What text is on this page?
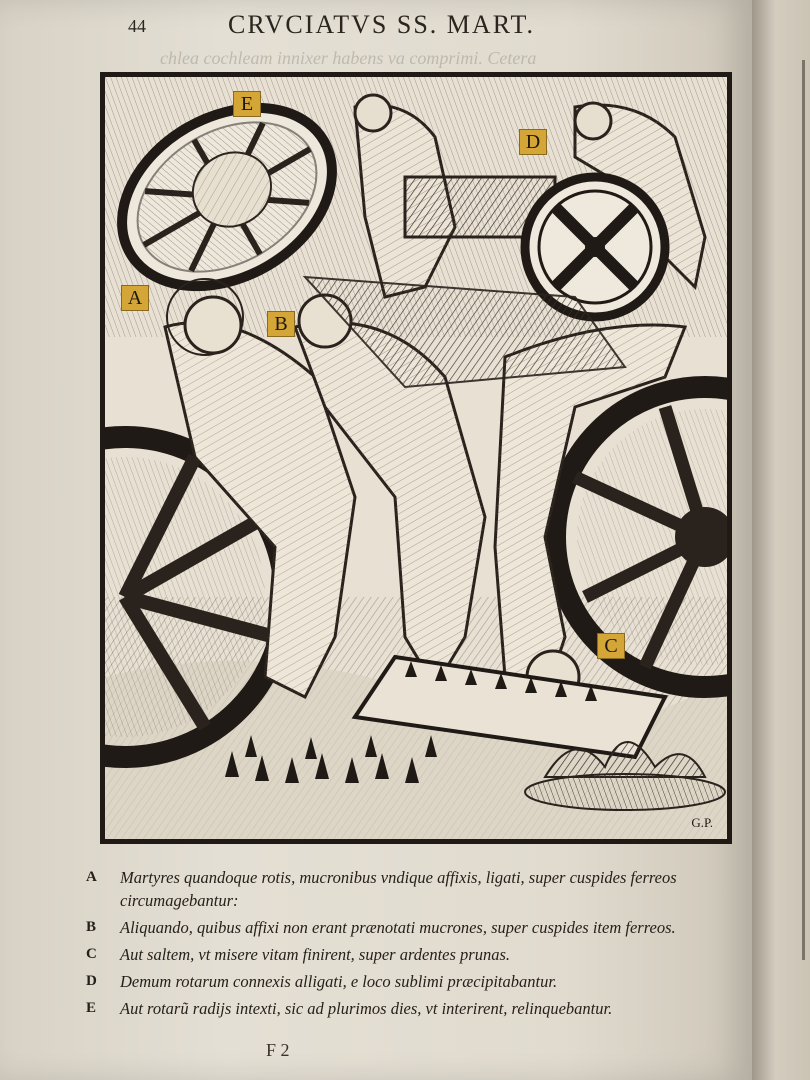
44	CRVCIATVS SS. MART.
chlea cochleam innixer habens va comprimi. Cetera
E
D
A
B
C
G.P.
A	Martyres quandoque rotis, mucronibus vndique affixis, ligati, super cuspides ferreos circumagebantur:
B	Aliquando, quibus affixi non erant prænotati mucrones, super cuspides item ferreos.
C	Aut saltem, vt misere vitam finirent, super ardentes prunas.
D	Demum rotarum connexis alligati, e loco sublimi præcipitabantur.
E	Aut rotarũ radijs intexti, sic ad plurimos dies, vt interirent, relinquebantur.
F 2
